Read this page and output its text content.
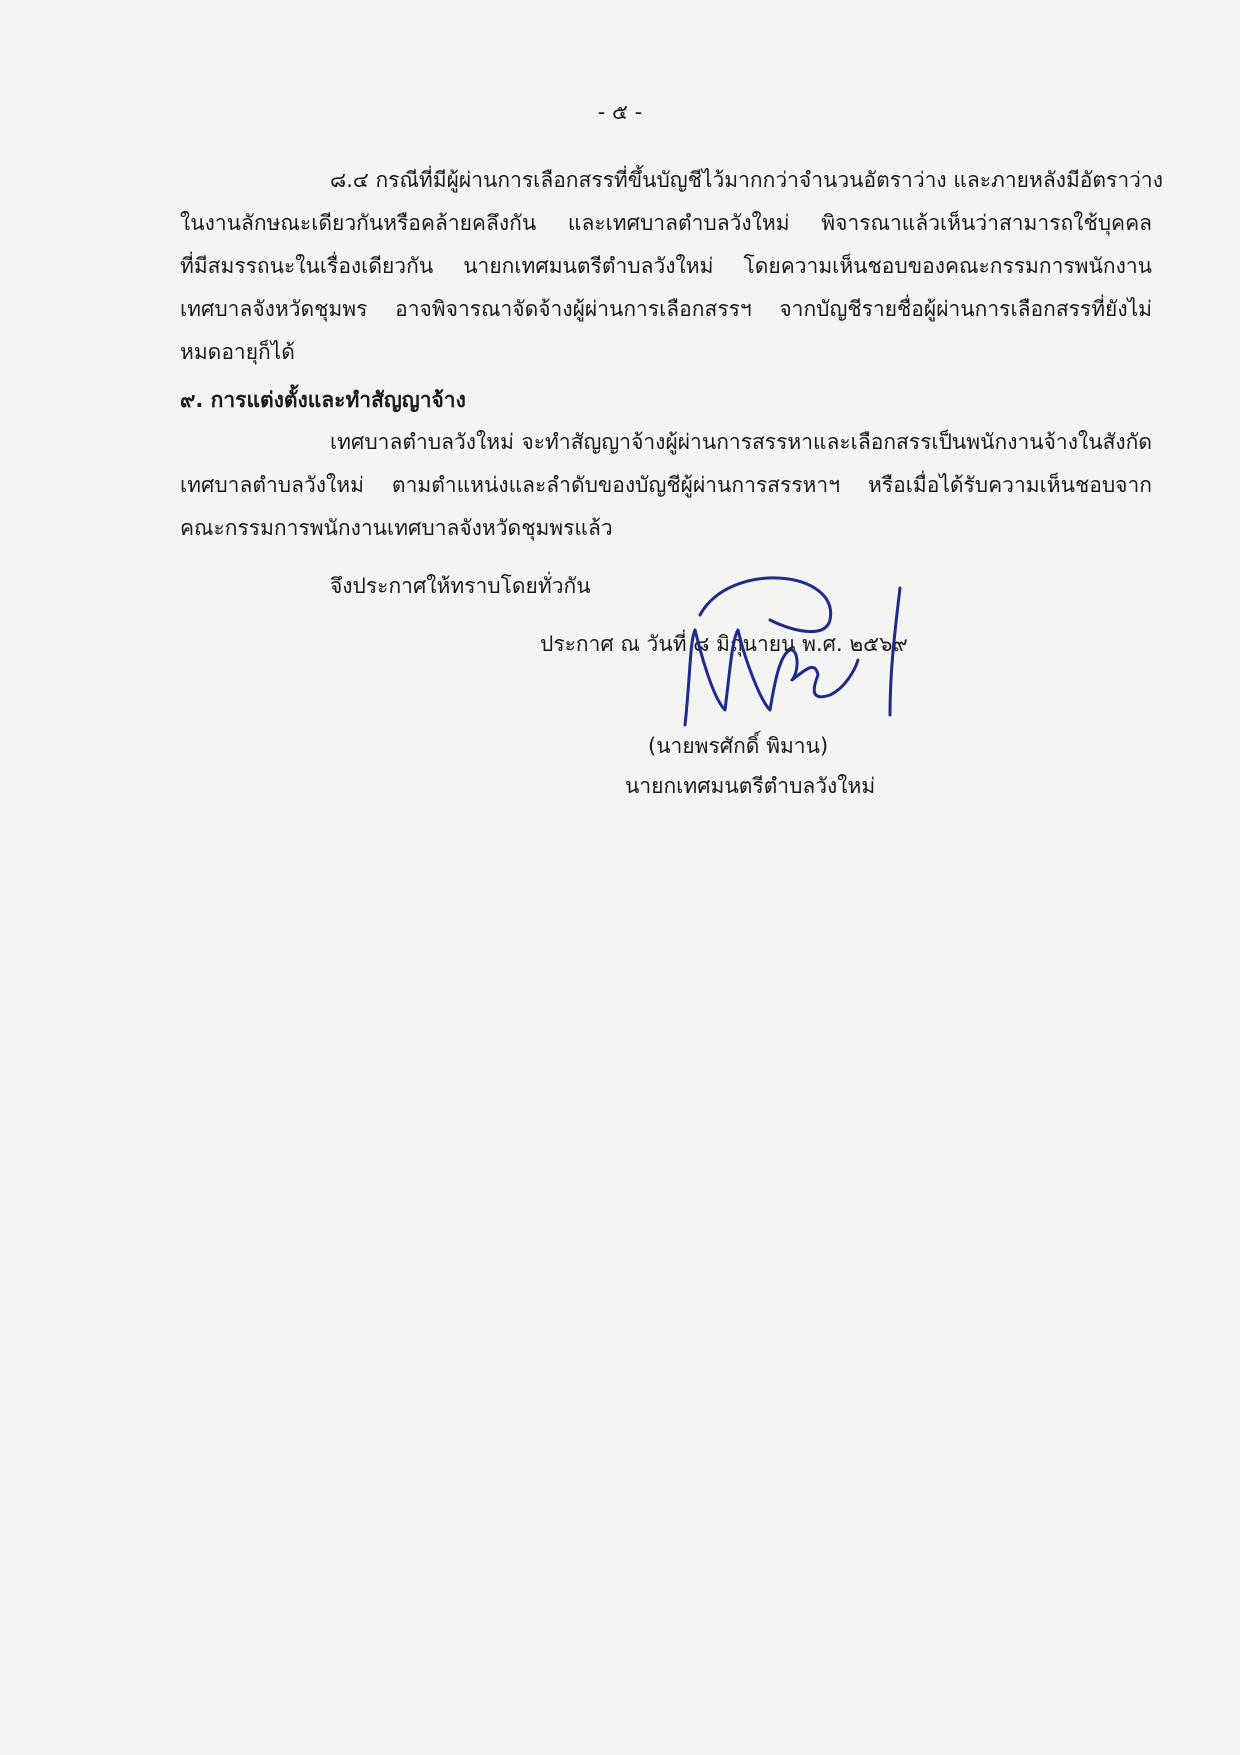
- ๕ -
๘.๔ กรณีที่มีผู้ผ่านการเลือกสรรที่ขึ้นบัญชีไว้มากกว่าจำนวนอัตราว่าง และภายหลังมีอัตราว่าง
ในงานลักษณะเดียวกันหรือคล้ายคลึงกัน และเทศบาลตำบลวังใหม่ พิจารณาแล้วเห็นว่าสามารถใช้บุคคล
ที่มีสมรรถนะในเรื่องเดียวกัน นายกเทศมนตรีตำบลวังใหม่ โดยความเห็นชอบของคณะกรรมการพนักงาน
เทศบาลจังหวัดชุมพร อาจพิจารณาจัดจ้างผู้ผ่านการเลือกสรรฯ จากบัญชีรายชื่อผู้ผ่านการเลือกสรรที่ยังไม่
หมดอายุก็ได้
๙. การแต่งตั้งและทำสัญญาจ้าง
เทศบาลตำบลวังใหม่ จะทำสัญญาจ้างผู้ผ่านการสรรหาและเลือกสรรเป็นพนักงานจ้างในสังกัด
เทศบาลตำบลวังใหม่ ตามตำแหน่งและลำดับของบัญชีผู้ผ่านการสรรหาฯ หรือเมื่อได้รับความเห็นชอบจาก
คณะกรรมการพนักงานเทศบาลจังหวัดชุมพรแล้ว
จึงประกาศให้ทราบโดยทั่วกัน
ประกาศ ณ วันที่ ๘ มิถุนายน พ.ศ. ๒๕๖๙
(นายพรศักดิ์ พิมาน)
นายกเทศมนตรีตำบลวังใหม่
